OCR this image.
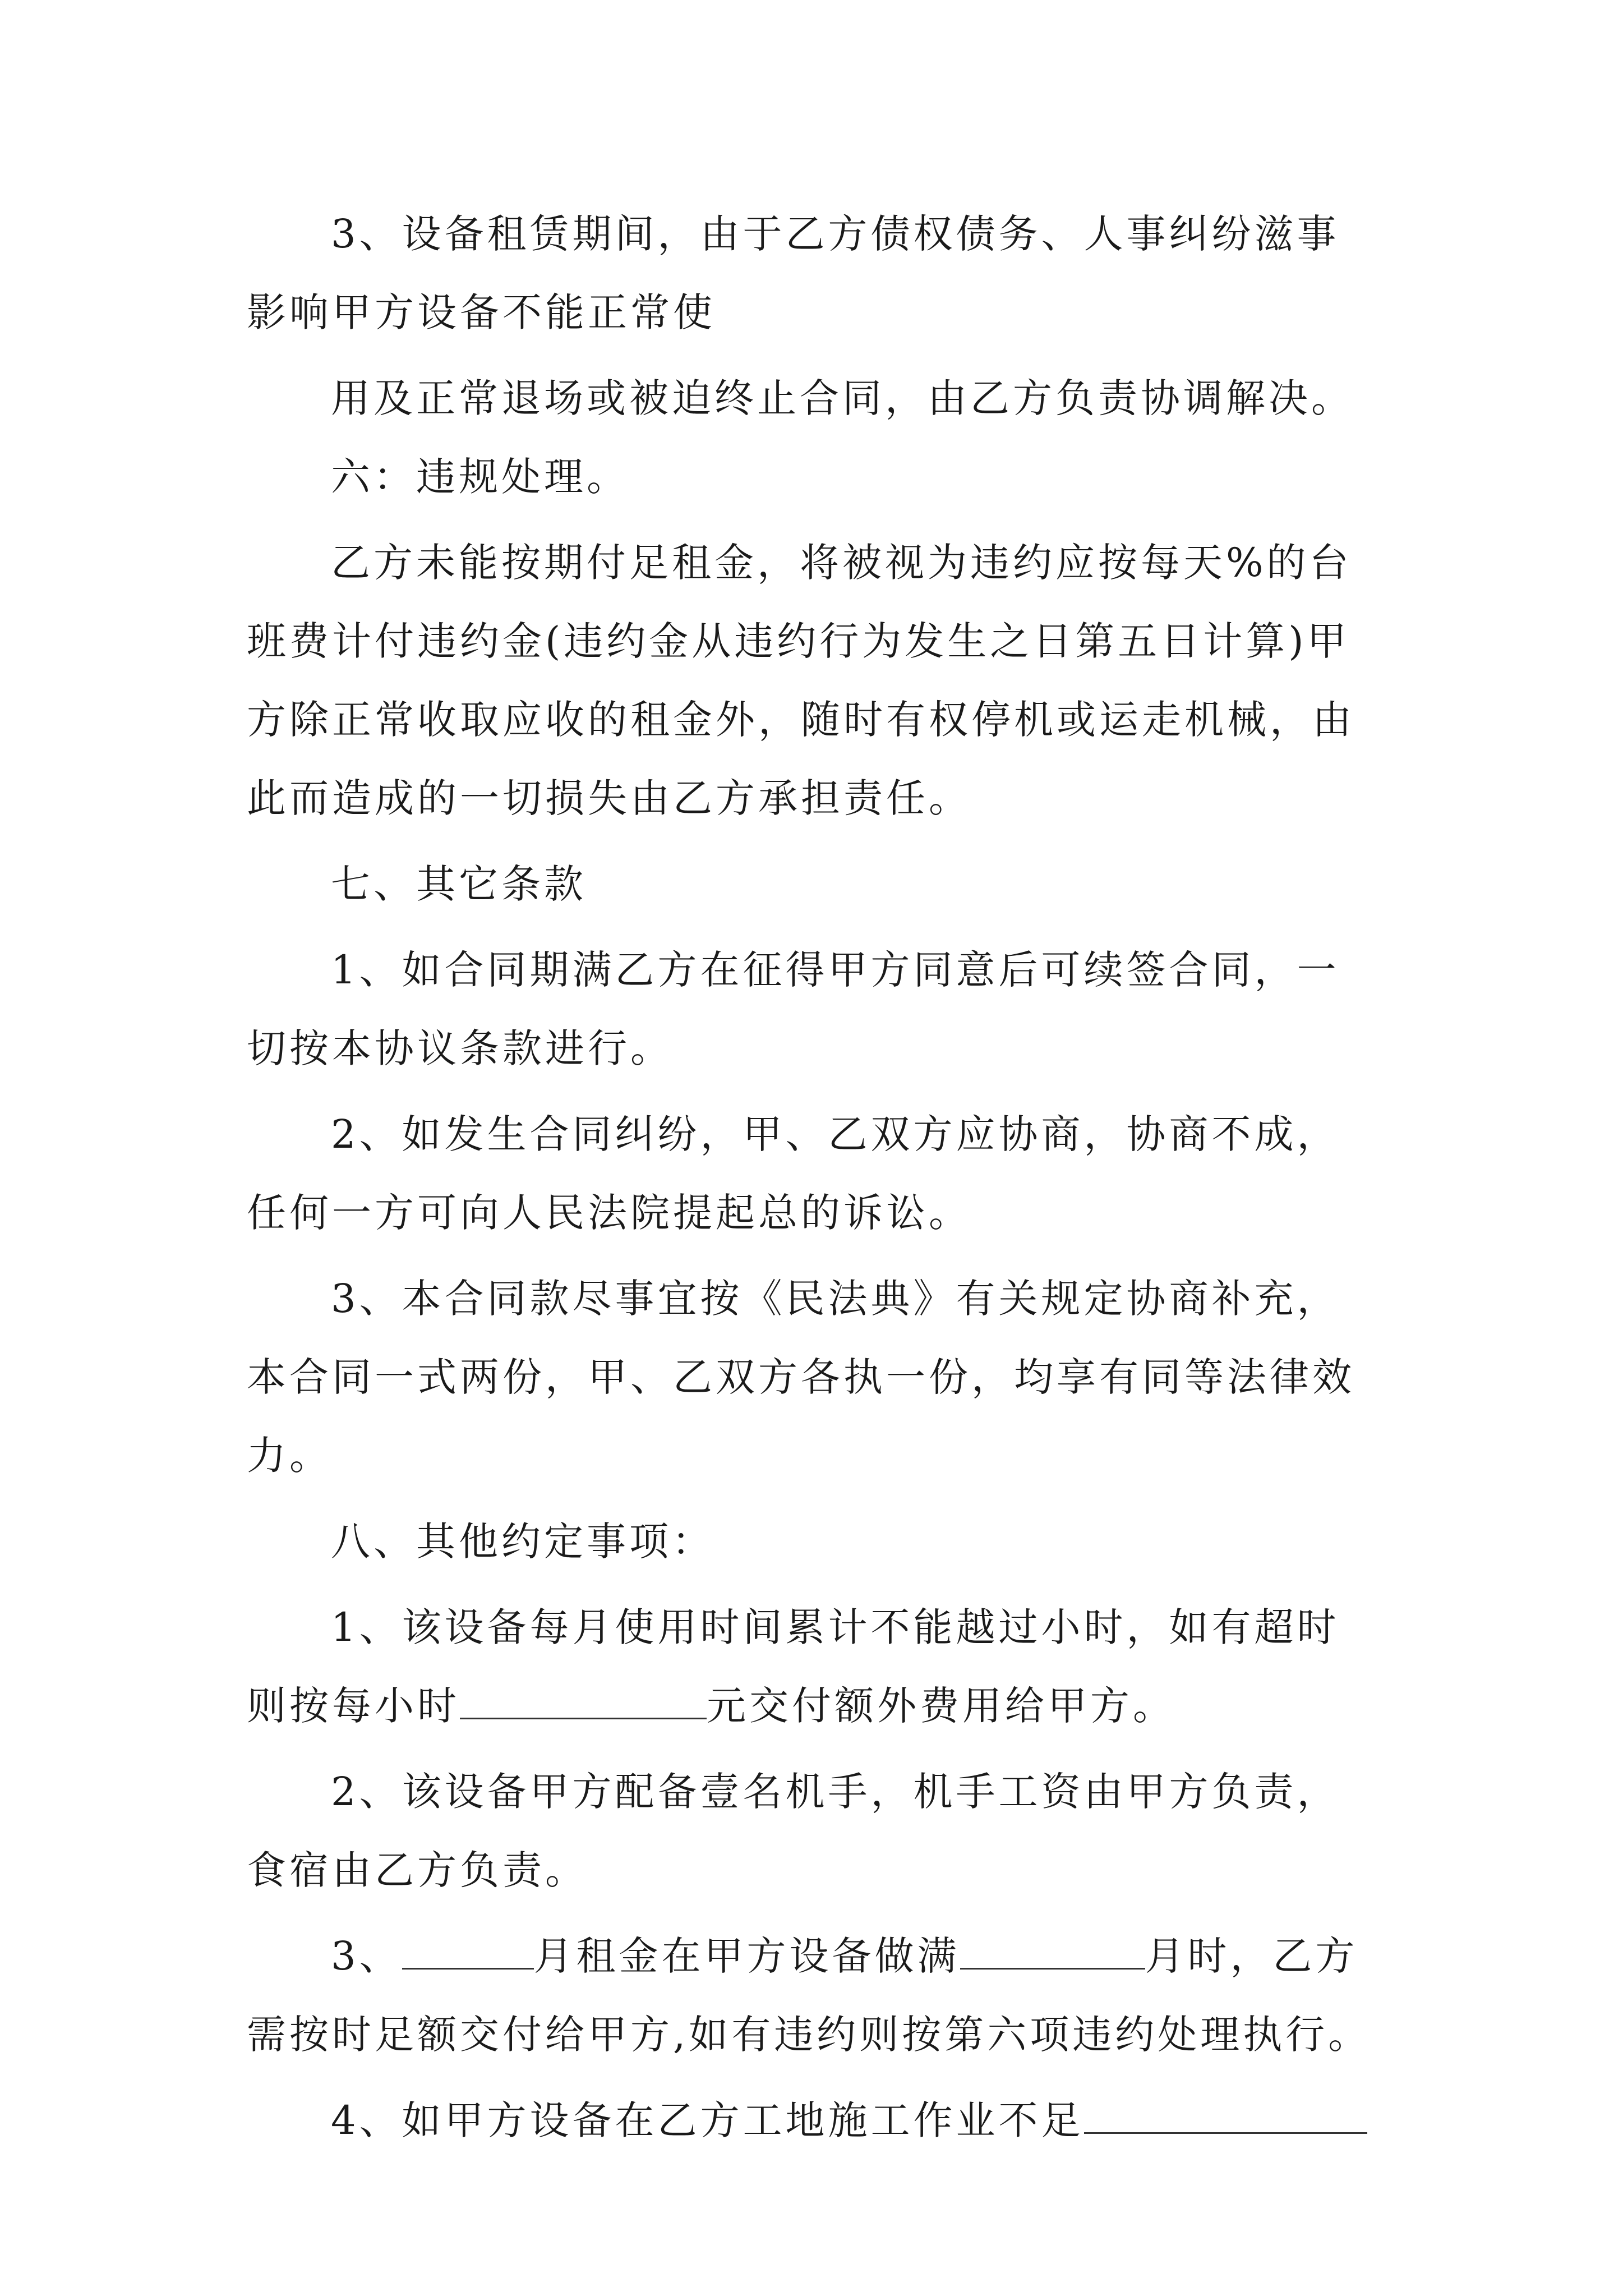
3、设备租赁期间，由于乙方债权债务、人事纠纷滋事
影响甲方设备不能正常使
用及正常退场或被迫终止合同，由乙方负责协调解决。
六：违规处理。
乙方未能按期付足租金，将被视为违约应按每天%的台
班费计付违约金(违约金从违约行为发生之日第五日计算)甲
方除正常收取应收的租金外，随时有权停机或运走机械，由
此而造成的一切损失由乙方承担责任。
七、其它条款
1、如合同期满乙方在征得甲方同意后可续签合同，一
切按本协议条款进行。
2、如发生合同纠纷，甲、乙双方应协商，协商不成，
任何一方可向人民法院提起总的诉讼。
3、本合同款尽事宜按《民法典》有关规定协商补充，
本合同一式两份，甲、乙双方各执一份，均享有同等法律效
力。
八、其他约定事项：
1、该设备每月使用时间累计不能越过小时，如有超时
则按每小时	元交付额外费用给甲方。
2、该设备甲方配备壹名机手，机手工资由甲方负责，
食宿由乙方负责。
3、	月租金在甲方设备做满	月时，乙方
需按时足额交付给甲方,如有违约则按第六项违约处理执行。
4、如甲方设备在乙方工地施工作业不足
